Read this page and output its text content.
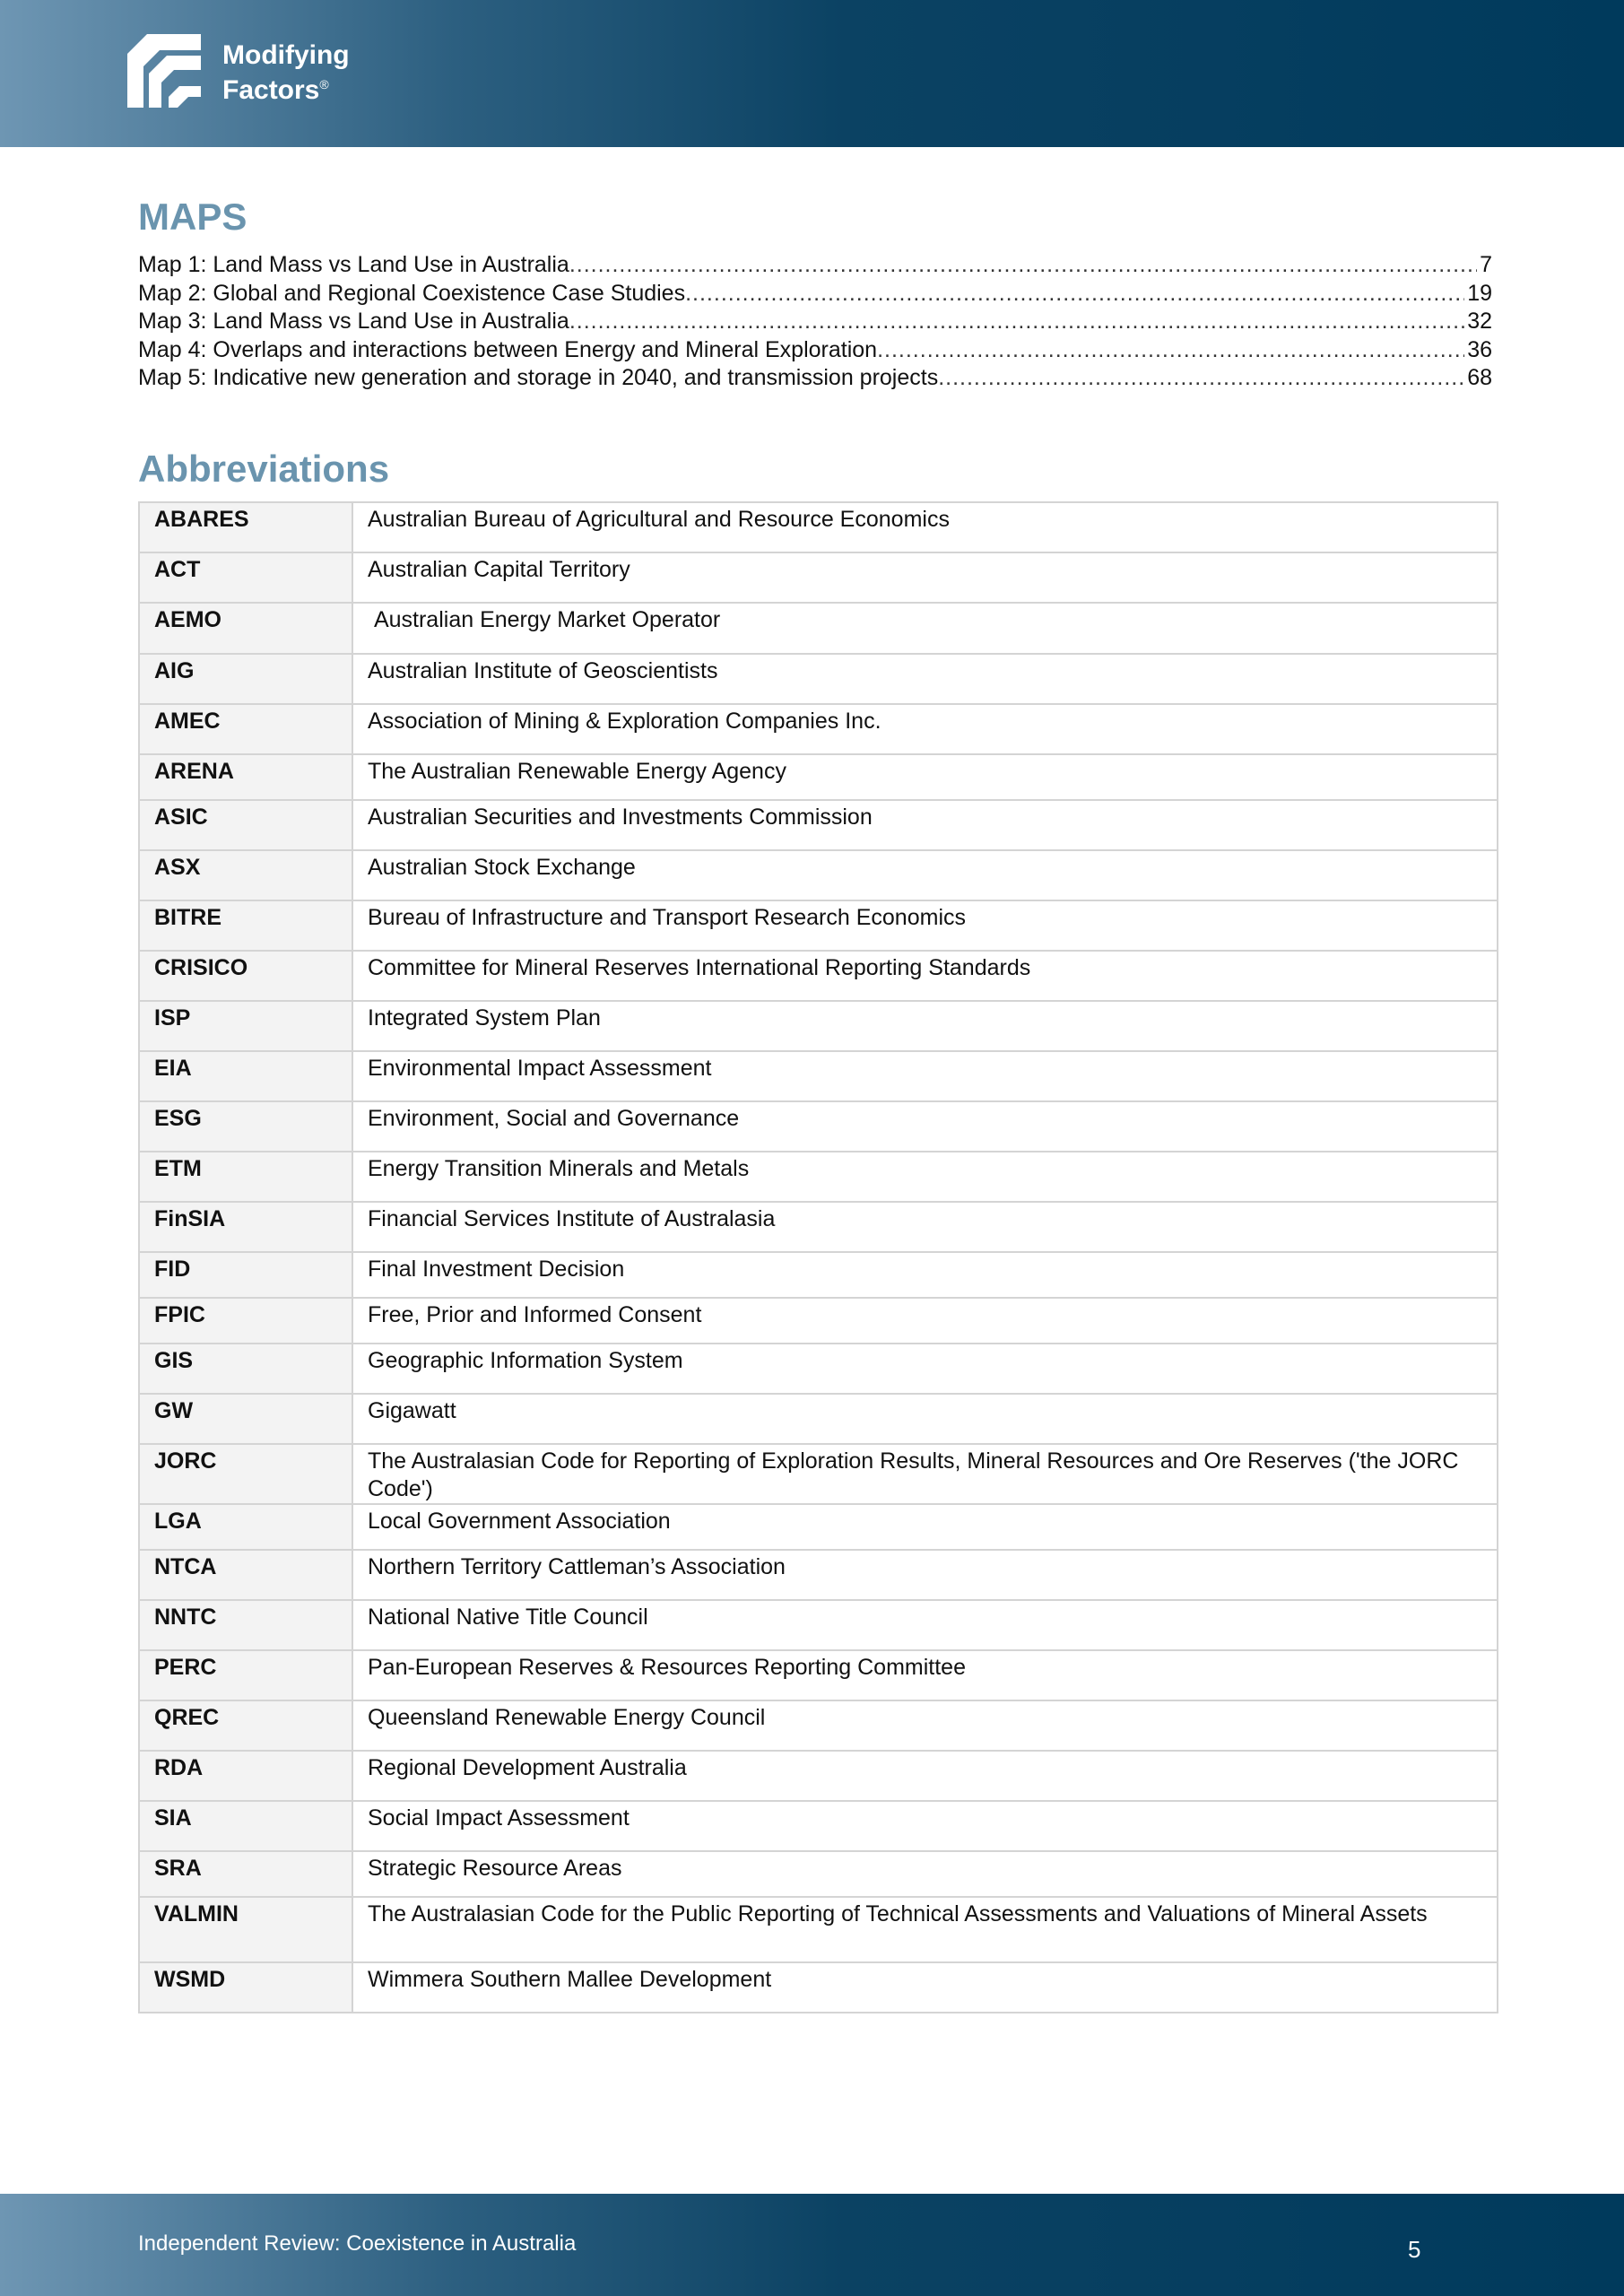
Modifying
Factors®
MAPS
Map 1: Land Mass vs Land Use in Australia .....	7
Map 2: Global and Regional Coexistence Case Studies .....	19
Map 3: Land Mass vs Land Use in Australia .....	32
Map 4: Overlaps and interactions between Energy and Mineral Exploration .....	36
Map 5: Indicative new generation and storage in 2040, and transmission projects .....	68
Abbreviations
ABARES	Australian Bureau of Agricultural and Resource Economics
ACT	Australian Capital Territory
AEMO	Australian Energy Market Operator
AIG	Australian Institute of Geoscientists
AMEC	Association of Mining & Exploration Companies Inc.
ARENA	The Australian Renewable Energy Agency
ASIC	Australian Securities and Investments Commission
ASX	Australian Stock Exchange
BITRE	Bureau of Infrastructure and Transport Research Economics
CRISICO	Committee for Mineral Reserves International Reporting Standards
ISP	Integrated System Plan
EIA	Environmental Impact Assessment
ESG	Environment, Social and Governance
ETM	Energy Transition Minerals and Metals
FinSIA	Financial Services Institute of Australasia
FID	Final Investment Decision
FPIC	Free, Prior and Informed Consent
GIS	Geographic Information System
GW	Gigawatt
JORC	The Australasian Code for Reporting of Exploration Results, Mineral Resources and Ore Reserves ('the JORC Code')
LGA	Local Government Association
NTCA	Northern Territory Cattleman’s Association
NNTC	National Native Title Council
PERC	Pan-European Reserves & Resources Reporting Committee
QREC	Queensland Renewable Energy Council
RDA	Regional Development Australia
SIA	Social Impact Assessment
SRA	Strategic Resource Areas
VALMIN	The Australasian Code for the Public Reporting of Technical Assessments and Valuations of Mineral Assets
WSMD	Wimmera Southern Mallee Development
Independent Review: Coexistence in Australia	5
